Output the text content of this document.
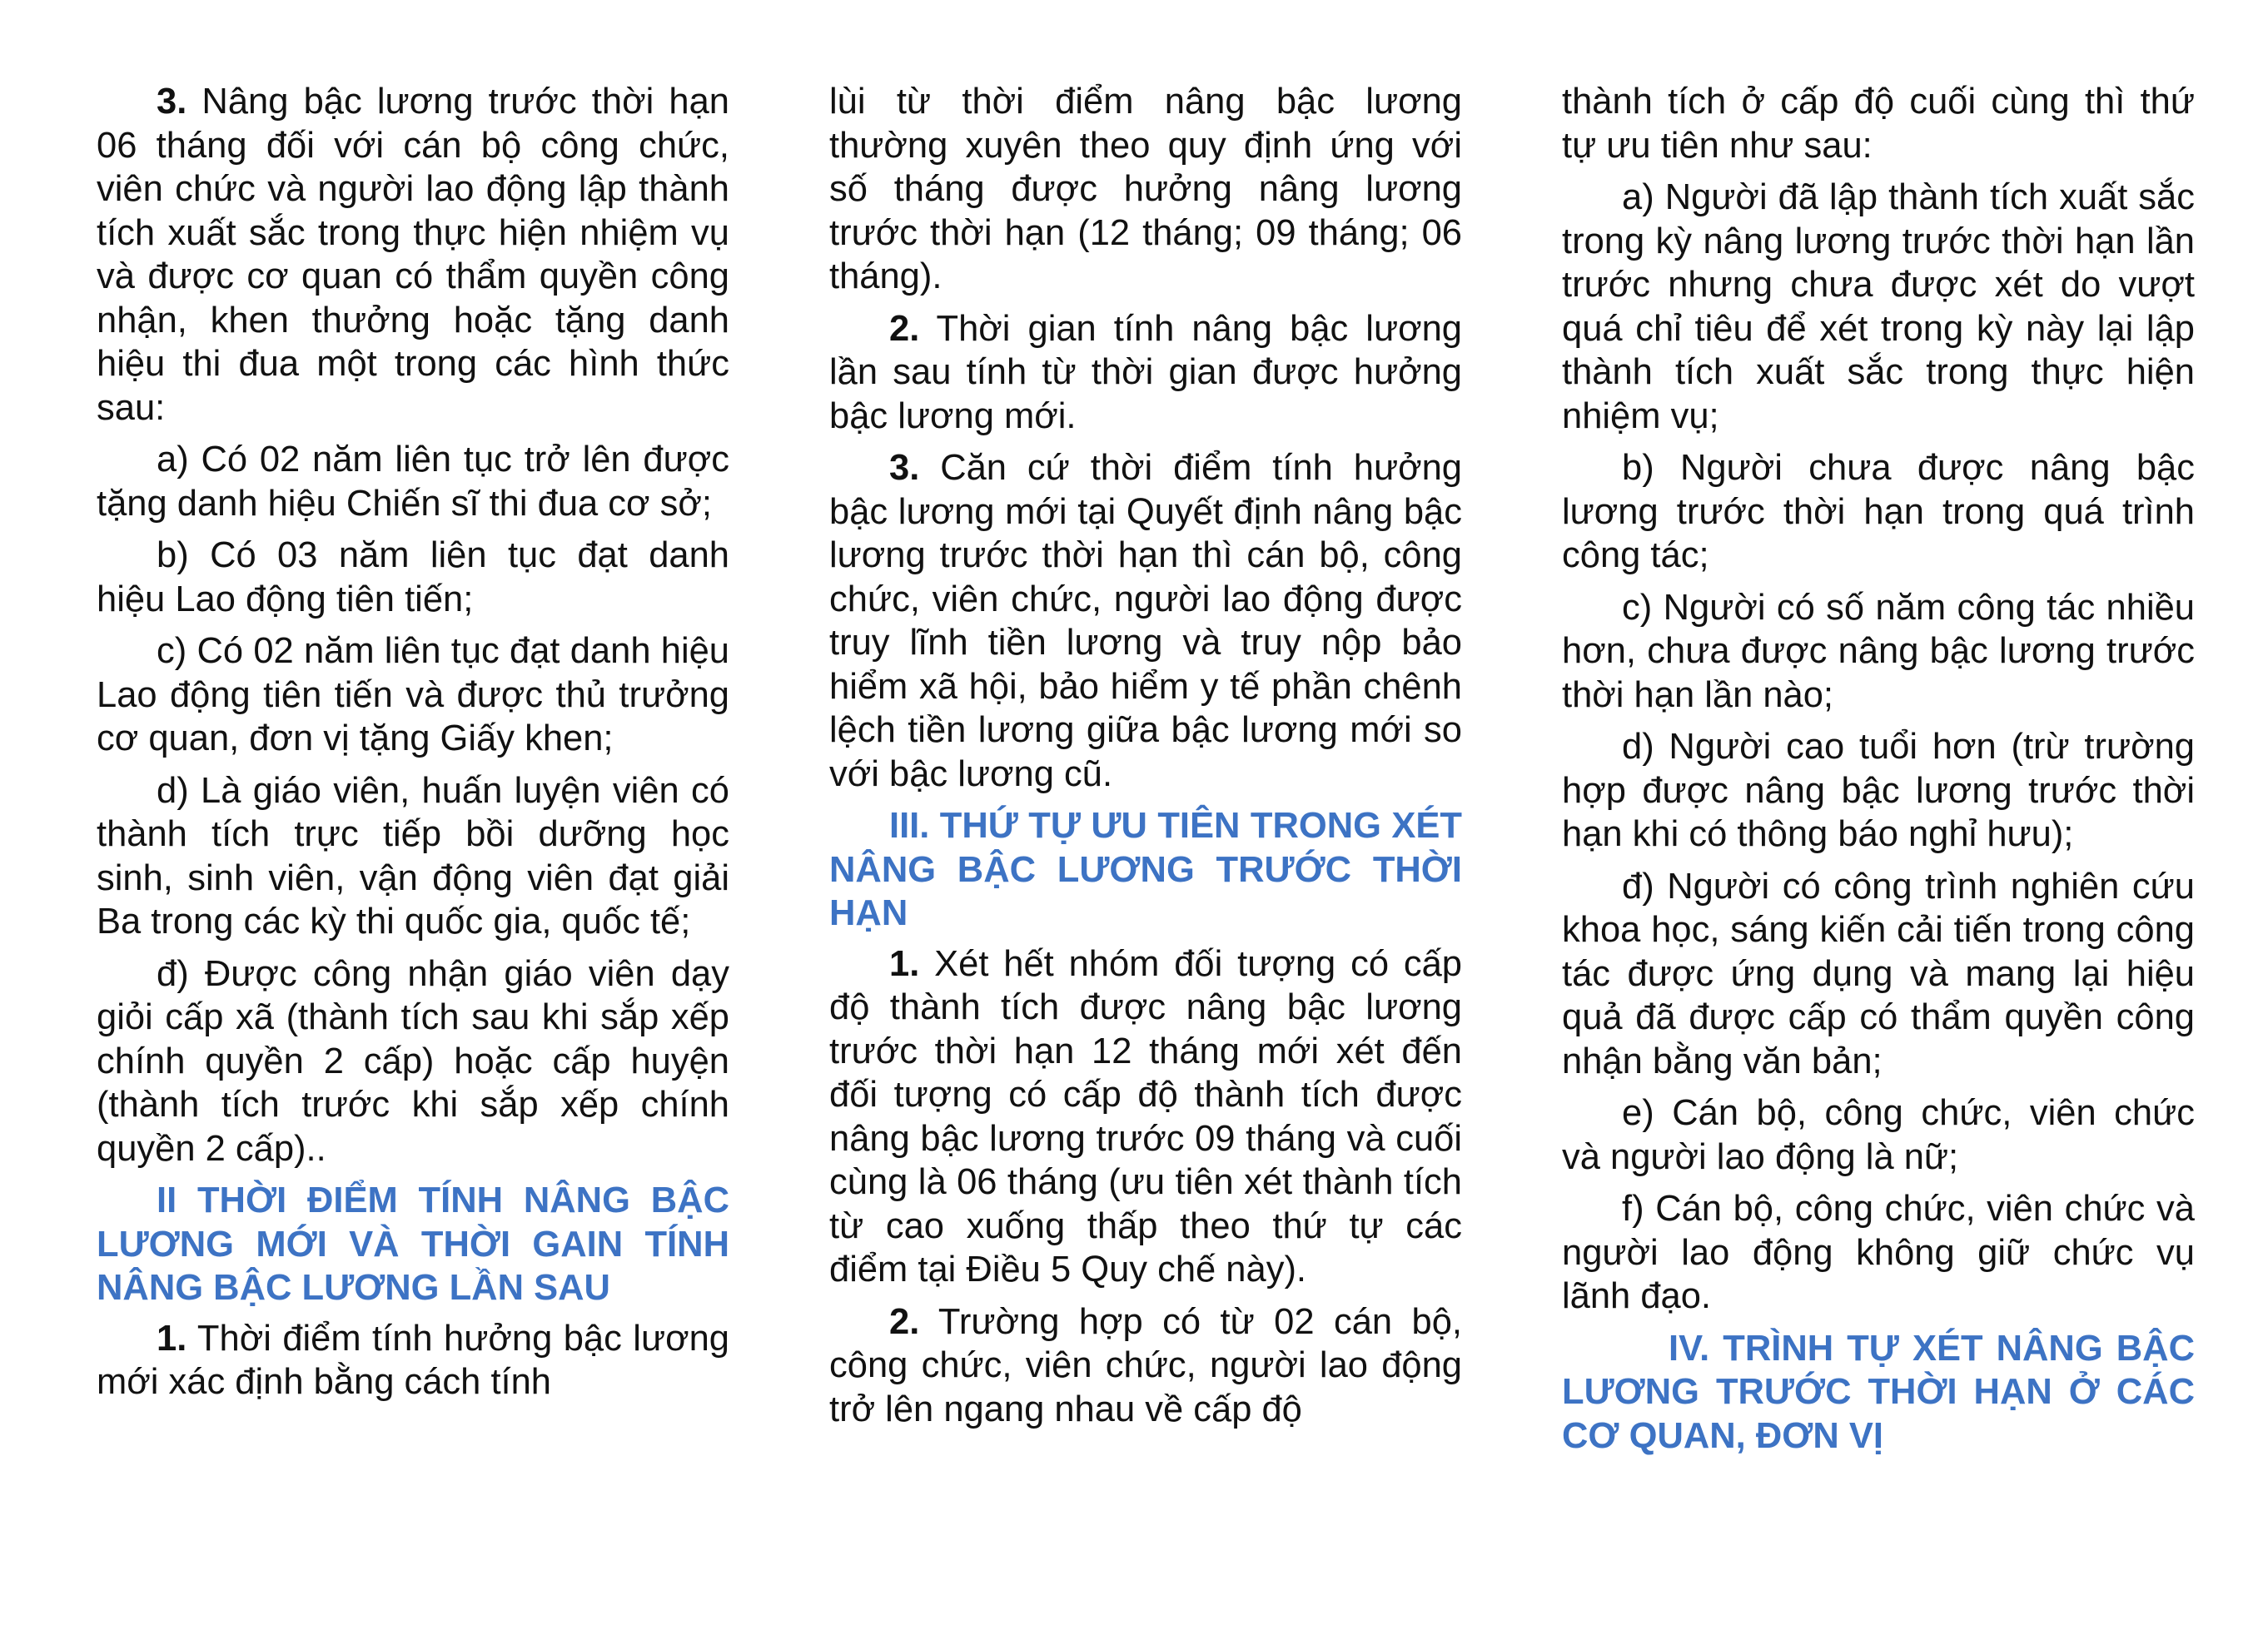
3. Nâng bậc lương trước thời hạn 06 tháng đối với cán bộ công chức, viên chức và người lao động lập thành tích xuất sắc trong thực hiện nhiệm vụ và được cơ quan có thẩm quyền công nhận, khen thưởng hoặc tặng danh hiệu thi đua một trong các hình thức sau:

a) Có 02 năm liên tục trở lên được tặng danh hiệu Chiến sĩ thi đua cơ sở;

b) Có 03 năm liên tục đạt danh hiệu Lao động tiên tiến;

c) Có 02 năm liên tục đạt danh hiệu Lao động tiên tiến và được thủ trưởng cơ quan, đơn vị tặng Giấy khen;

d) Là giáo viên, huấn luyện viên có thành tích trực tiếp bồi dưỡng học sinh, sinh viên, vận động viên đạt giải Ba trong các kỳ thi quốc gia, quốc tế;

đ) Được công nhận giáo viên dạy giỏi cấp xã (thành tích sau khi sắp xếp chính quyền 2 cấp) hoặc cấp huyện (thành tích trước khi sắp xếp chính quyền 2 cấp)..

II THỜI ĐIỂM TÍNH NÂNG BẬC LƯƠNG MỚI VÀ THỜI GAIN TÍNH NÂNG BẬC LƯƠNG LẦN SAU

1. Thời điểm tính hưởng bậc lương mới xác định bằng cách tính

lùi từ thời điểm nâng bậc lương thường xuyên theo quy định ứng với số tháng được hưởng nâng lương trước thời hạn (12 tháng; 09 tháng; 06 tháng).

2. Thời gian tính nâng bậc lương lần sau tính từ thời gian được hưởng bậc lương mới.

3. Căn cứ thời điểm tính hưởng bậc lương mới tại Quyết định nâng bậc lương trước thời hạn thì cán bộ, công chức, viên chức, người lao động được truy lĩnh tiền lương và truy nộp bảo hiểm xã hội, bảo hiểm y tế phần chênh lệch tiền lương giữa bậc lương mới so với bậc lương cũ.

III. THỨ TỰ ƯU TIÊN TRONG XÉT NÂNG BẬC LƯƠNG TRƯỚC THỜI HẠN

1. Xét hết nhóm đối tượng có cấp độ thành tích được nâng bậc lương trước thời hạn 12 tháng mới xét đến đối tượng có cấp độ thành tích được nâng bậc lương trước 09 tháng và cuối cùng là 06 tháng (ưu tiên xét thành tích từ cao xuống thấp theo thứ tự các điểm tại Điều 5 Quy chế này).

2. Trường hợp có từ 02 cán bộ, công chức, viên chức, người lao động trở lên ngang nhau về cấp độ

thành tích ở cấp độ cuối cùng thì thứ tự ưu tiên như sau:

a) Người đã lập thành tích xuất sắc trong kỳ nâng lương trước thời hạn lần trước nhưng chưa được xét do vượt quá chỉ tiêu để xét trong kỳ này lại lập thành tích xuất sắc trong thực hiện nhiệm vụ;

b) Người chưa được nâng bậc lương trước thời hạn trong quá trình công tác;

c) Người có số năm công tác nhiều hơn, chưa được nâng bậc lương trước thời hạn lần nào;

d) Người cao tuổi hơn (trừ trường hợp được nâng bậc lương trước thời hạn khi có thông báo nghỉ hưu);

đ) Người có công trình nghiên cứu khoa học, sáng kiến cải tiến trong công tác được ứng dụng và mang lại hiệu quả đã được cấp có thẩm quyền công nhận bằng văn bản;

e) Cán bộ, công chức, viên chức và người lao động là nữ;

f) Cán bộ, công chức, viên chức và người lao động không giữ chức vụ lãnh đạo.

IV. TRÌNH TỰ XÉT NÂNG BẬC LƯƠNG TRƯỚC THỜI HẠN Ở CÁC CƠ QUAN, ĐƠN VỊ
